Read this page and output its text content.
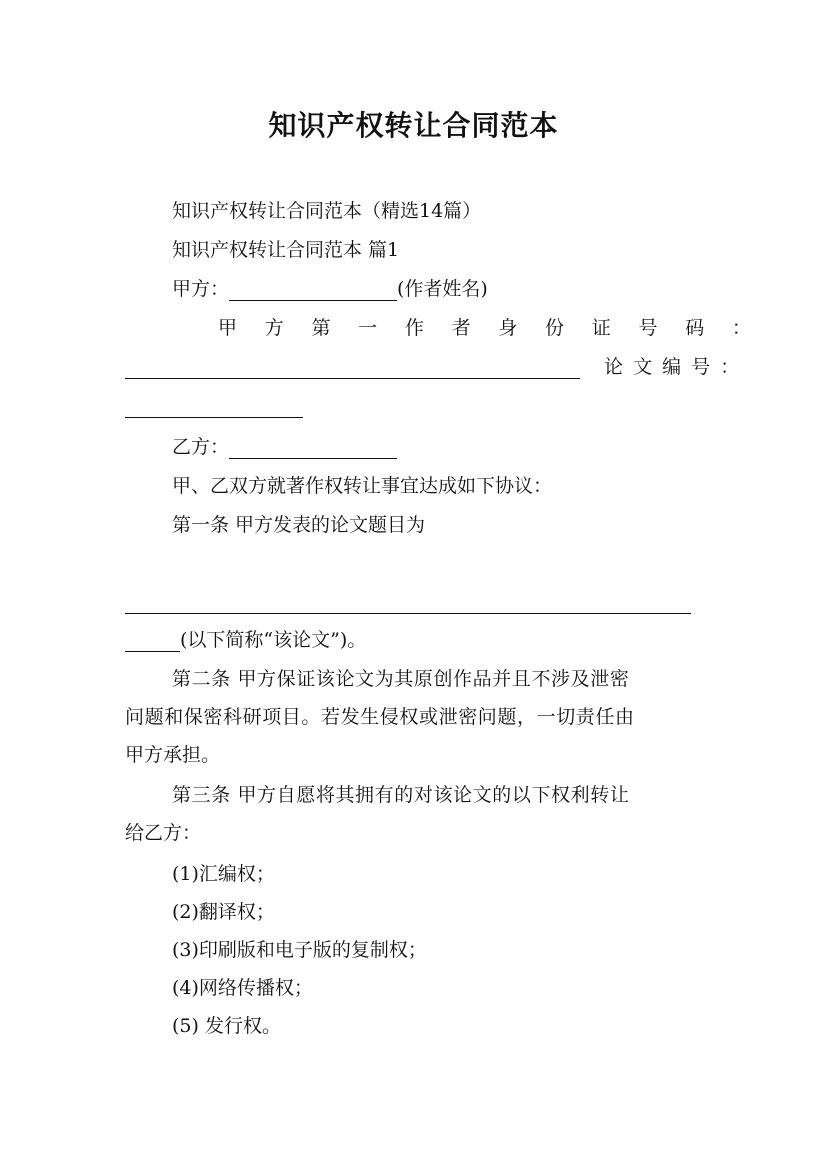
知识产权转让合同范本
知识产权转让合同范本（精选14篇）
知识产权转让合同范本 篇1
甲方：	(作者姓名)
甲 方 第 一 作 者 身 份 证 号 码 ：
论 文 编 号 ：
乙方：
甲、乙双方就著作权转让事宜达成如下协议：
第一条 甲方发表的论文题目为
(以下简称“该论文”)。
第二条 甲方保证该论文为其原创作品并且不涉及泄密
问题和保密科研项目。若发生侵权或泄密问题，一切责任由
甲方承担。
第三条 甲方自愿将其拥有的对该论文的以下权利转让
给乙方：
(1)汇编权；
(2)翻译权；
(3)印刷版和电子版的复制权；
(4)网络传播权；
(5) 发行权。
